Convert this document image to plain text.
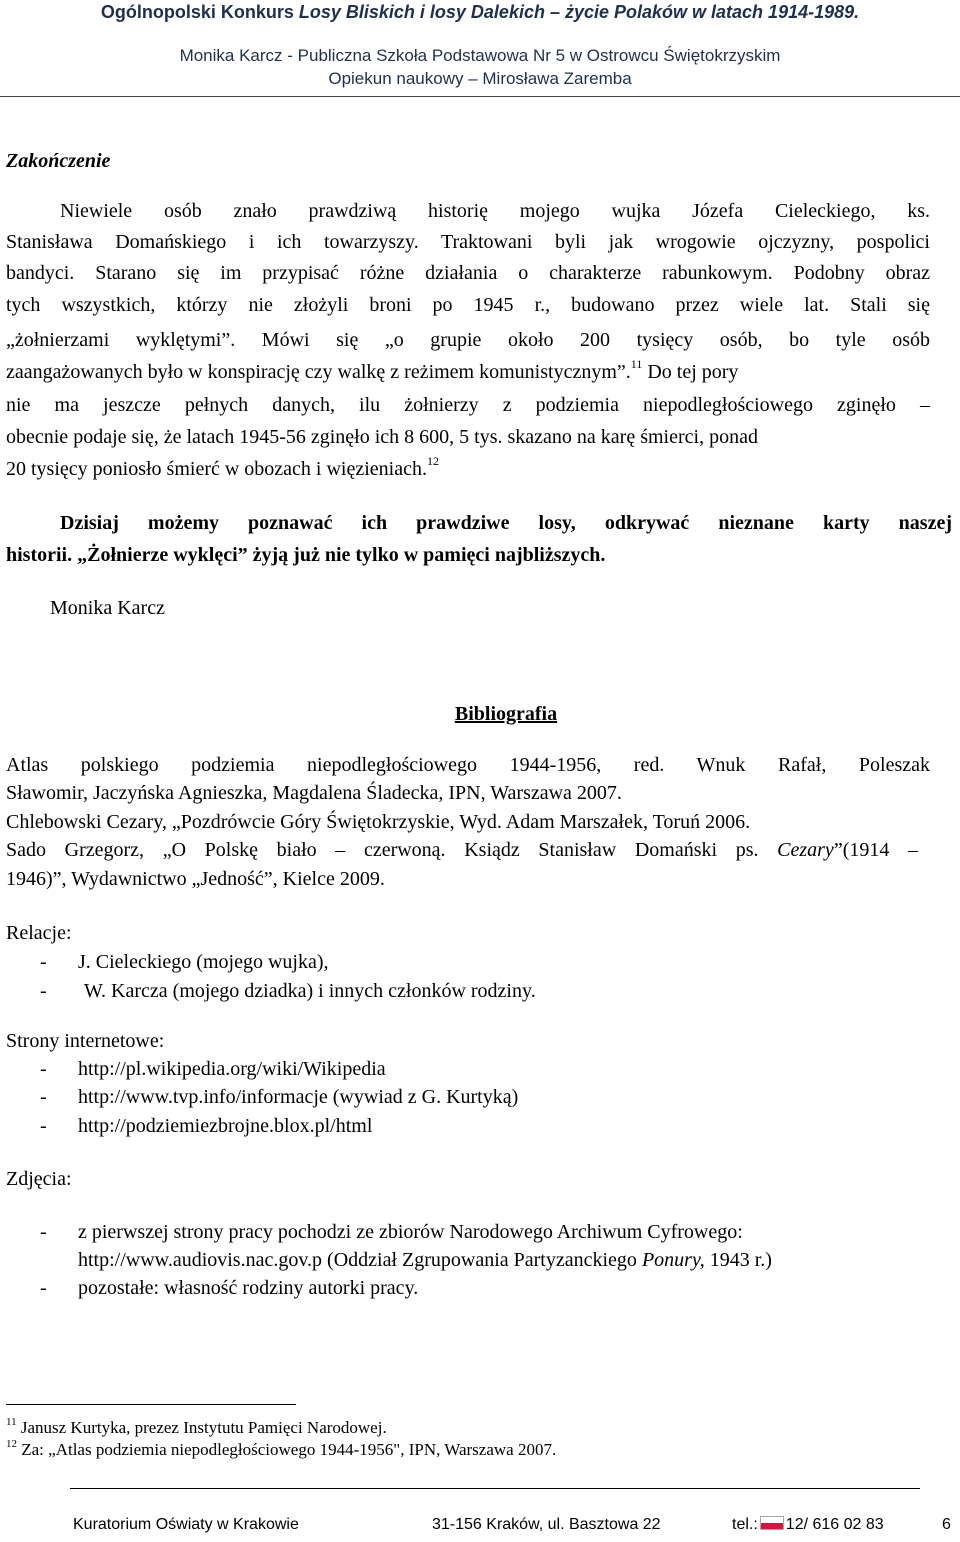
Ogólnopolski Konkurs Losy Bliskich i losy Dalekich – życie Polaków w latach 1914-1989.
Monika Karcz - Publiczna Szkoła Podstawowa Nr 5 w Ostrowcu Świętokrzyskim
Opiekun naukowy – Mirosława Zaremba
Zakończenie
Niewiele osób znało prawdziwą historię mojego wujka Józefa Cieleckiego, ks.
Stanisława Domańskiego i ich towarzyszy. Traktowani byli jak wrogowie ojczyzny, pospolici
bandyci. Starano się im przypisać różne działania o charakterze rabunkowym. Podobny obraz
tych wszystkich, którzy nie złożyli broni po 1945 r., budowano przez wiele lat. Stali się
„żołnierzami wyklętymi”. Mówi się „o grupie około 200 tysięcy osób, bo tyle osób
zaangażowanych było w konspirację czy walkę z reżimem komunistycznym”.$^{11}$ Do tej pory
nie ma jeszcze pełnych danych, ilu żołnierzy z podziemia niepodległościowego zginęło –
obecnie podaje się, że latach 1945-56 zginęło ich 8 600, 5 tys. skazano na karę śmierci, ponad
20 tysięcy poniosło śmierć w obozach i więzieniach.$^{12}$
Dzisiaj możemy poznawać ich prawdziwe losy, odkrywać nieznane karty naszej
historii. „Żołnierze wyklęci” żyją już nie tylko w pamięci najbliższych.
Monika Karcz
Bibliografia
Atlas polskiego podziemia niepodległościowego 1944-1956, red. Wnuk Rafał, Poleszak
Sławomir, Jaczyńska Agnieszka, Magdalena Śladecka, IPN, Warszawa 2007.
Chlebowski Cezary, „Pozdrówcie Góry Świętokrzyskie, Wyd. Adam Marszałek, Toruń 2006.
Sado Grzegorz, „O Polskę biało – czerwoną. Ksiądz Stanisław Domański ps. Cezary”(1914 –
1946)”, Wydawnictwo „Jedność”, Kielce 2009.
Relacje:
- J. Cieleckiego (mojego wujka),
- W. Karcza (mojego dziadka) i innych członków rodziny.
Strony internetowe:
- http://pl.wikipedia.org/wiki/Wikipedia
- http://www.tvp.info/informacje (wywiad z G. Kurtyką)
- http://podziemiezbrojne.blox.pl/html
Zdjęcia:
- z pierwszej strony pracy pochodzi ze zbiorów Narodowego Archiwum Cyfrowego:
http://www.audiovis.nac.gov.p (Oddział Zgrupowania Partyzanckiego Ponury, 1943 r.)
- pozostałe: własność rodziny autorki pracy.
$^{11}$ Janusz Kurtyka, prezez Instytutu Pamięci Narodowej.
$^{12}$ Za: „Atlas podziemia niepodległościowego 1944-1956", IPN, Warszawa 2007.
Kuratorium Oświaty w Krakowie	31-156 Kraków, ul. Basztowa 22	tel.: 12/ 616 02 83	6
